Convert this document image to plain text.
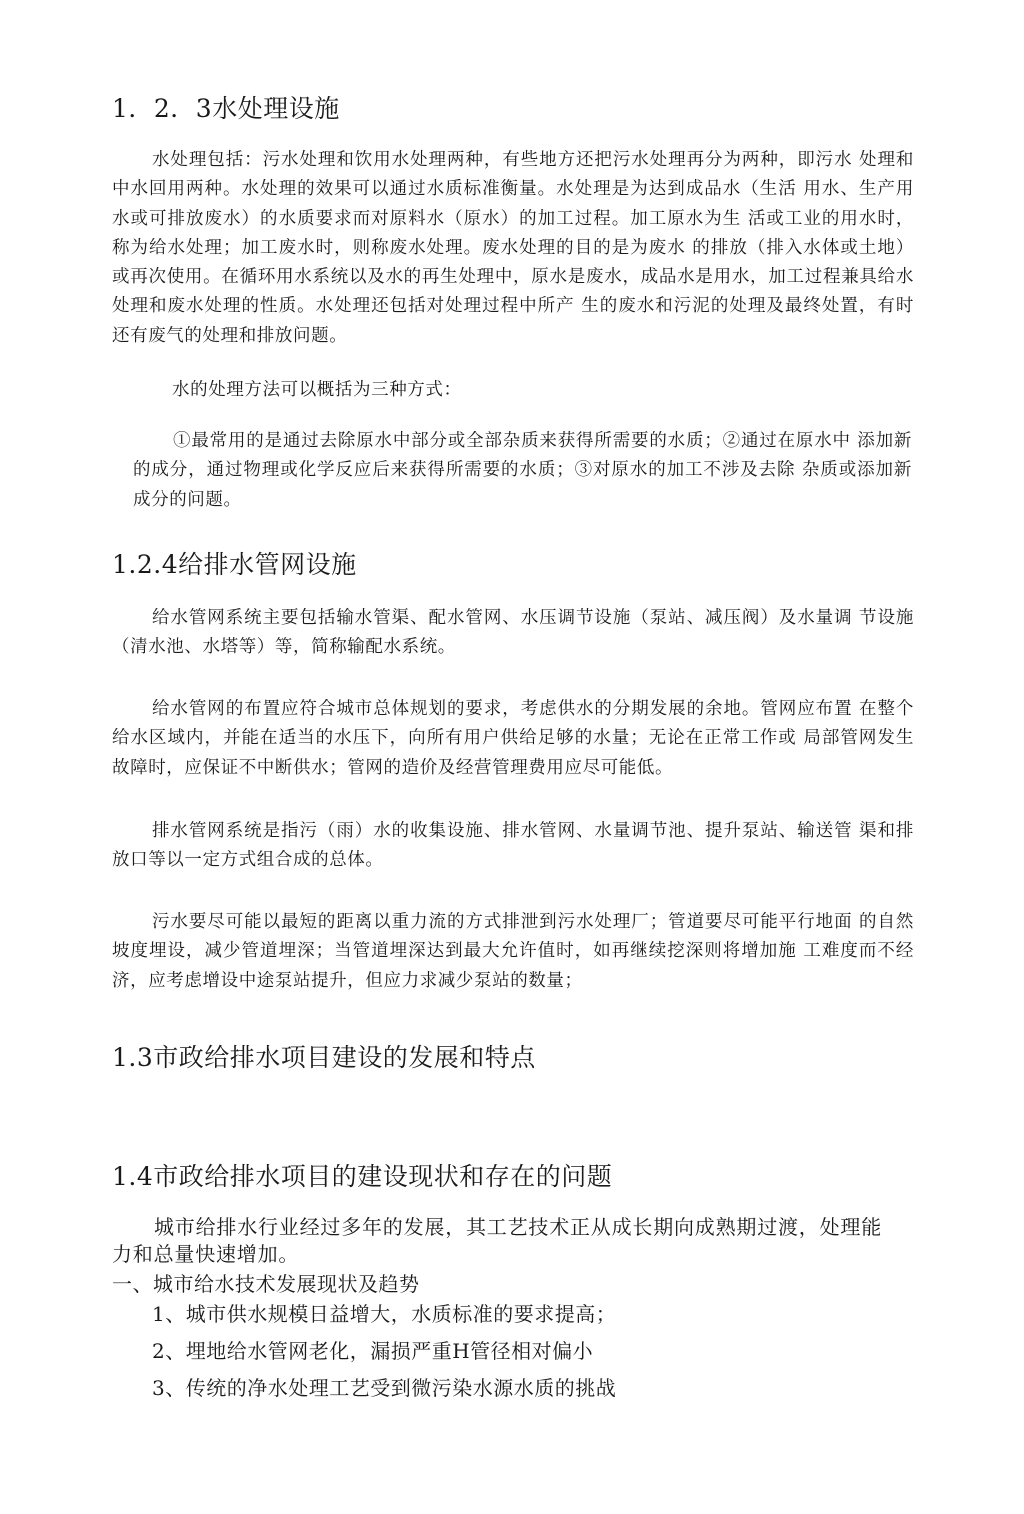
1．2．3水处理设施
水处理包括：污水处理和饮用水处理两种，有些地方还把污水处理再分为两种，即污水 处理和中水回用两种。水处理的效果可以通过水质标准衡量。水处理是为达到成品水（生活 用水、生产用水或可排放废水）的水质要求而对原料水（原水）的加工过程。加工原水为生 活或工业的用水时，称为给水处理；加工废水时，则称废水处理。废水处理的目的是为废水 的排放（排入水体或土地）或再次使用。在循环用水系统以及水的再生处理中，原水是废水，成品水是用水，加工过程兼具给水处理和废水处理的性质。水处理还包括对处理过程中所产 生的废水和污泥的处理及最终处置，有时还有废气的处理和排放问题。
水的处理方法可以概括为三种方式：
①最常用的是通过去除原水中部分或全部杂质来获得所需要的水质；②通过在原水中 添加新的成分，通过物理或化学反应后来获得所需要的水质；③对原水的加工不涉及去除 杂质或添加新成分的问题。
1.2.4给排水管网设施
给水管网系统主要包括输水管渠、配水管网、水压调节设施（泵站、减压阀）及水量调 节设施（清水池、水塔等）等，简称输配水系统。
给水管网的布置应符合城市总体规划的要求，考虑供水的分期发展的余地。管网应布置 在整个给水区域内，并能在适当的水压下，向所有用户供给足够的水量；无论在正常工作或 局部管网发生故障时，应保证不中断供水；管网的造价及经营管理费用应尽可能低。
排水管网系统是指污（雨）水的收集设施、排水管网、水量调节池、提升泵站、输送管 渠和排放口等以一定方式组合成的总体。
污水要尽可能以最短的距离以重力流的方式排泄到污水处理厂；管道要尽可能平行地面 的自然坡度埋设，减少管道埋深；当管道埋深达到最大允许值时，如再继续挖深则将增加施 工难度而不经济，应考虑增设中途泵站提升，但应力求减少泵站的数量；
1.3市政给排水项目建设的发展和特点
1.4市政给排水项目的建设现状和存在的问题
城市给排水行业经过多年的发展，其工艺技术正从成长期向成熟期过渡，处理能力和总量快速增加。
一、城市给水技术发展现状及趋势
1、城市供水规模日益增大，水质标准的要求提高；
2、埋地给水管网老化，漏损严重H管径相对偏小
3、传统的净水处理工艺受到微污染水源水质的挑战
